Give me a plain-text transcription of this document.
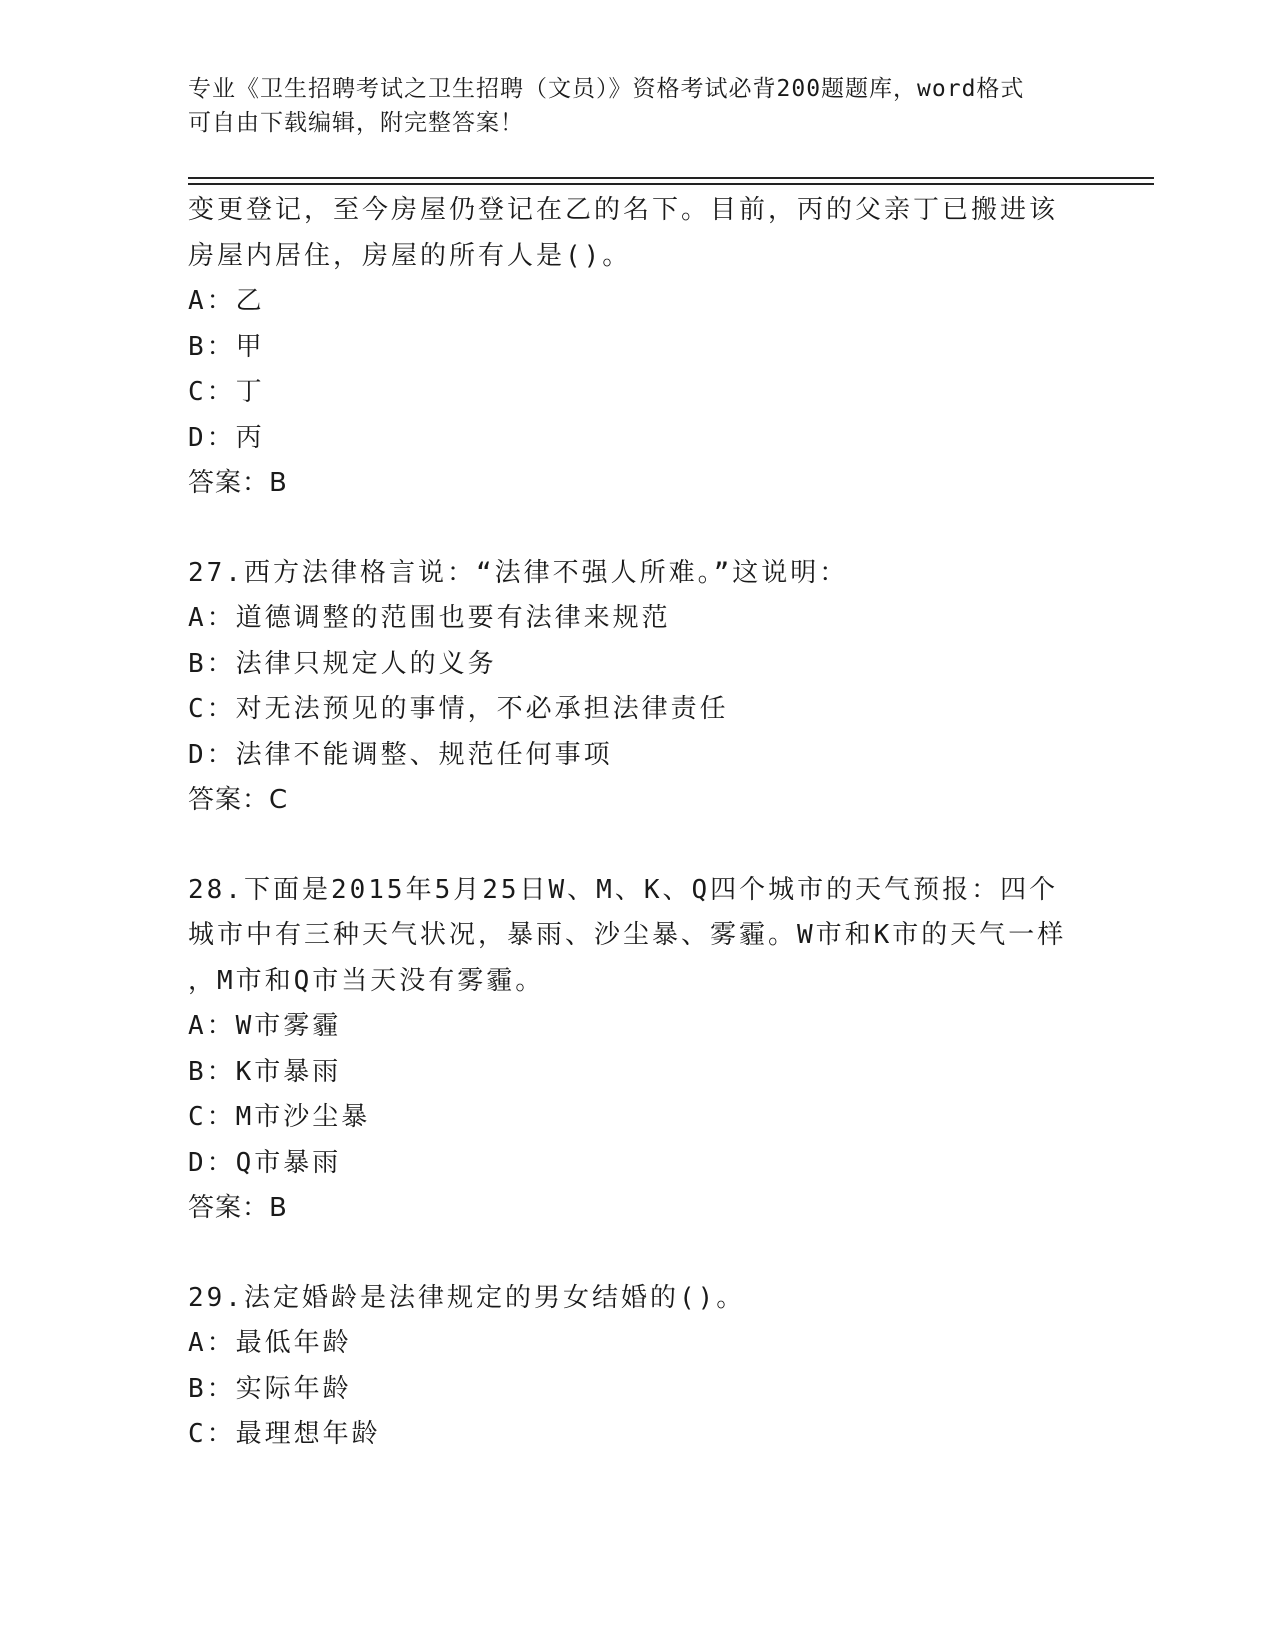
专业《卫生招聘考试之卫生招聘（文员）》资格考试必背200题题库，word格式
可自由下载编辑，附完整答案！
变更登记，至今房屋仍登记在乙的名下。目前，丙的父亲丁已搬进该
房屋内居住，房屋的所有人是()。
A：乙
B：甲
C：丁
D：丙
答案：B
27.西方法律格言说：“法律不强人所难。”这说明：
A：道德调整的范围也要有法律来规范
B：法律只规定人的义务
C：对无法预见的事情，不必承担法律责任
D：法律不能调整、规范任何事项
答案：C
28.下面是2015年5月25日W、M、K、Q四个城市的天气预报：四个
城市中有三种天气状况，暴雨、沙尘暴、雾霾。W市和K市的天气一样
，M市和Q市当天没有雾霾。
A：W市雾霾
B：K市暴雨
C：M市沙尘暴
D：Q市暴雨
答案：B
29.法定婚龄是法律规定的男女结婚的()。
A：最低年龄
B：实际年龄
C：最理想年龄
